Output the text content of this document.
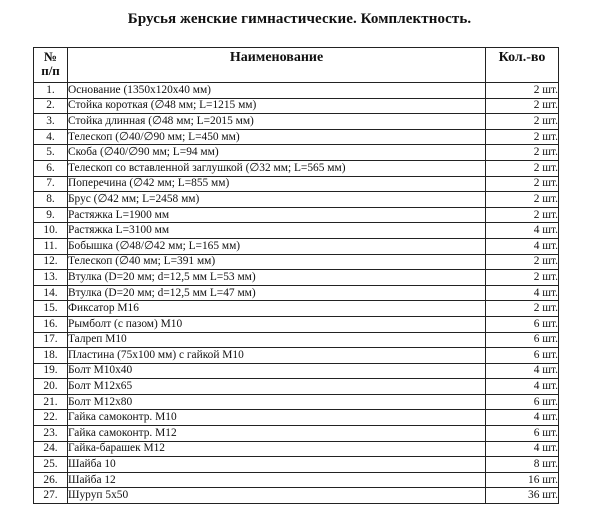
Брусья женские гимнастические. Комплектность.
№
п/п	Наименование	Кол.-во
1.	Основание (1350х120х40 мм)	2 шт.
2.	Стойка короткая (∅48 мм; L=1215 мм)	2 шт.
3.	Стойка длинная (∅48 мм; L=2015 мм)	2 шт.
4.	Телескоп (∅40/∅90 мм; L=450 мм)	2 шт.
5.	Скоба (∅40/∅90 мм; L=94 мм)	2 шт.
6.	Телескоп со вставленной заглушкой (∅32 мм; L=565 мм)	2 шт.
7.	Поперечина (∅42 мм; L=855 мм)	2 шт.
8.	Брус (∅42 мм; L=2458 мм)	2 шт.
9.	Растяжка L=1900 мм	2 шт.
10.	Растяжка L=3100 мм	4 шт.
11.	Бобышка (∅48/∅42 мм; L=165 мм)	4 шт.
12.	Телескоп (∅40 мм; L=391 мм)	2 шт.
13.	Втулка (D=20 мм; d=12,5 мм L=53 мм)	2 шт.
14.	Втулка (D=20 мм; d=12,5 мм L=47 мм)	4 шт.
15.	Фиксатор М16	2 шт.
16.	Рымболт (с пазом) М10	6 шт.
17.	Талреп М10	6 шт.
18.	Пластина (75х100 мм) с гайкой М10	6 шт.
19.	Болт М10х40	4 шт.
20.	Болт М12х65	4 шт.
21.	Болт М12х80	6 шт.
22.	Гайка самоконтр. М10	4 шт.
23.	Гайка самоконтр. М12	6 шт.
24.	Гайка-барашек М12	4 шт.
25.	Шайба 10	8 шт.
26.	Шайба 12	16 шт.
27.	Шуруп 5х50	36 шт.
